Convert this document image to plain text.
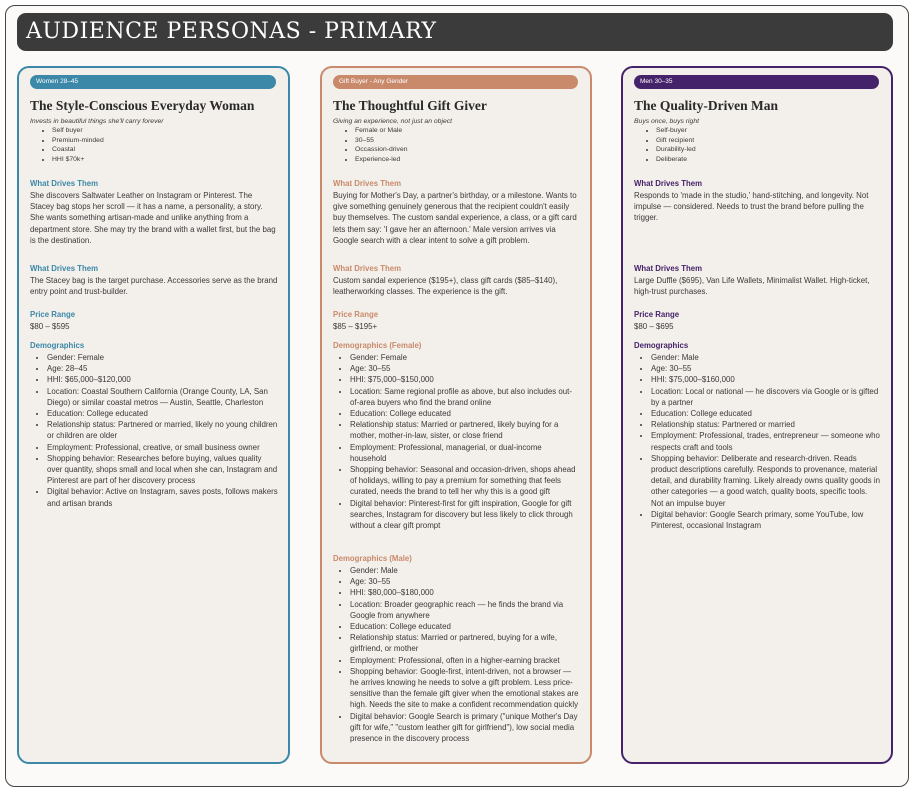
AUDIENCE PERSONAS - PRIMARY
Women 28–45
The Style-Conscious Everyday Woman
Invests in beautiful things she'll carry forever
• Self buyer
• Premium-minded
• Coastal
• HHI $70k+
What Drives Them

She discovers Saltwater Leather on Instagram or Pinterest. The Stacey bag stops her scroll — it has a name, a personality, a story. She wants something artisan-made and unlike anything from a department store. She may try the brand with a wallet first, but the bag is the destination.

What Drives Them

The Stacey bag is the target purchase. Accessories serve as the brand entry point and trust-builder.

Price Range

$80 – $595

Demographics
• Gender: Female
• Age: 28–45
• HHI: $65,000–$120,000
• Location: Coastal Southern California (Orange County, LA, San Diego) or similar coastal metros — Austin, Seattle, Charleston
• Education: College educated
• Relationship status: Partnered or married, likely no young children or children are older
• Employment: Professional, creative, or small business owner
• Shopping behavior: Researches before buying, values quality over quantity, shops small and local when she can, Instagram and Pinterest are part of her discovery process
• Digital behavior: Active on Instagram, saves posts, follows makers and artisan brands
Gift Buyer - Any Gender
The Thoughtful Gift Giver
Giving an experience, not just an object
• Female or Male
• 30–55
• Occassion-driven
• Experience-led
What Drives Them

Buying for Mother's Day, a partner's birthday, or a milestone. Wants to give something genuinely generous that the recipient couldn't easily buy themselves. The custom sandal experience, a class, or a gift card lets them say: 'I gave her an afternoon.' Male version arrives via Google search with a clear intent to solve a gift problem.

What Drives Them

Custom sandal experience ($195+), class gift cards ($85–$140), leatherworking classes. The experience is the gift.

Price Range

$85 – $195+

Demographics (Female)
• Gender: Female
• Age: 30–55
• HHI: $75,000–$150,000
• Location: Same regional profile as above, but also includes out-of-area buyers who find the brand online
• Education: College educated
• Relationship status: Married or partnered, likely buying for a mother, mother-in-law, sister, or close friend
• Employment: Professional, managerial, or dual-income household
• Shopping behavior: Seasonal and occasion-driven, shops ahead of holidays, willing to pay a premium for something that feels curated, needs the brand to tell her why this is a good gift
• Digital behavior: Pinterest-first for gift inspiration, Google for gift searches, Instagram for discovery but less likely to click through without a clear gift prompt
Demographics (Male)
• Gender: Male
• Age: 30–55
• HHI: $80,000–$180,000
• Location: Broader geographic reach — he finds the brand via Google from anywhere
• Education: College educated
• Relationship status: Married or partnered, buying for a wife, girlfriend, or mother
• Employment: Professional, often in a higher-earning bracket
• Shopping behavior: Google-first, intent-driven, not a browser — he arrives knowing he needs to solve a gift problem. Less price-sensitive than the female gift giver when the emotional stakes are high. Needs the site to make a confident recommendation quickly
• Digital behavior: Google Search is primary ("unique Mother's Day gift for wife," "custom leather gift for girlfriend"), low social media presence in the discovery process
Men 30–35
The Quality-Driven Man
Buys once, buys right
• Self-buyer
• Gift recipient
• Durability-led
• Deliberate
What Drives Them

Responds to 'made in the studio,' hand-stitching, and longevity. Not impulse — considered. Needs to trust the brand before pulling the trigger.

What Drives Them

Large Duffle ($695), Van Life Wallets, Minimalist Wallet. High-ticket, high-trust purchases.

Price Range

$80 – $695

Demographics
• Gender: Male
• Age: 30–55
• HHI: $75,000–$160,000
• Location: Local or national — he discovers via Google or is gifted by a partner
• Education: College educated
• Relationship status: Partnered or married
• Employment: Professional, trades, entrepreneur — someone who respects craft and tools
• Shopping behavior: Deliberate and research-driven. Reads product descriptions carefully. Responds to provenance, material detail, and durability framing. Likely already owns quality goods in other categories — a good watch, quality boots, specific tools. Not an impulse buyer
• Digital behavior: Google Search primary, some YouTube, low Pinterest, occasional Instagram
